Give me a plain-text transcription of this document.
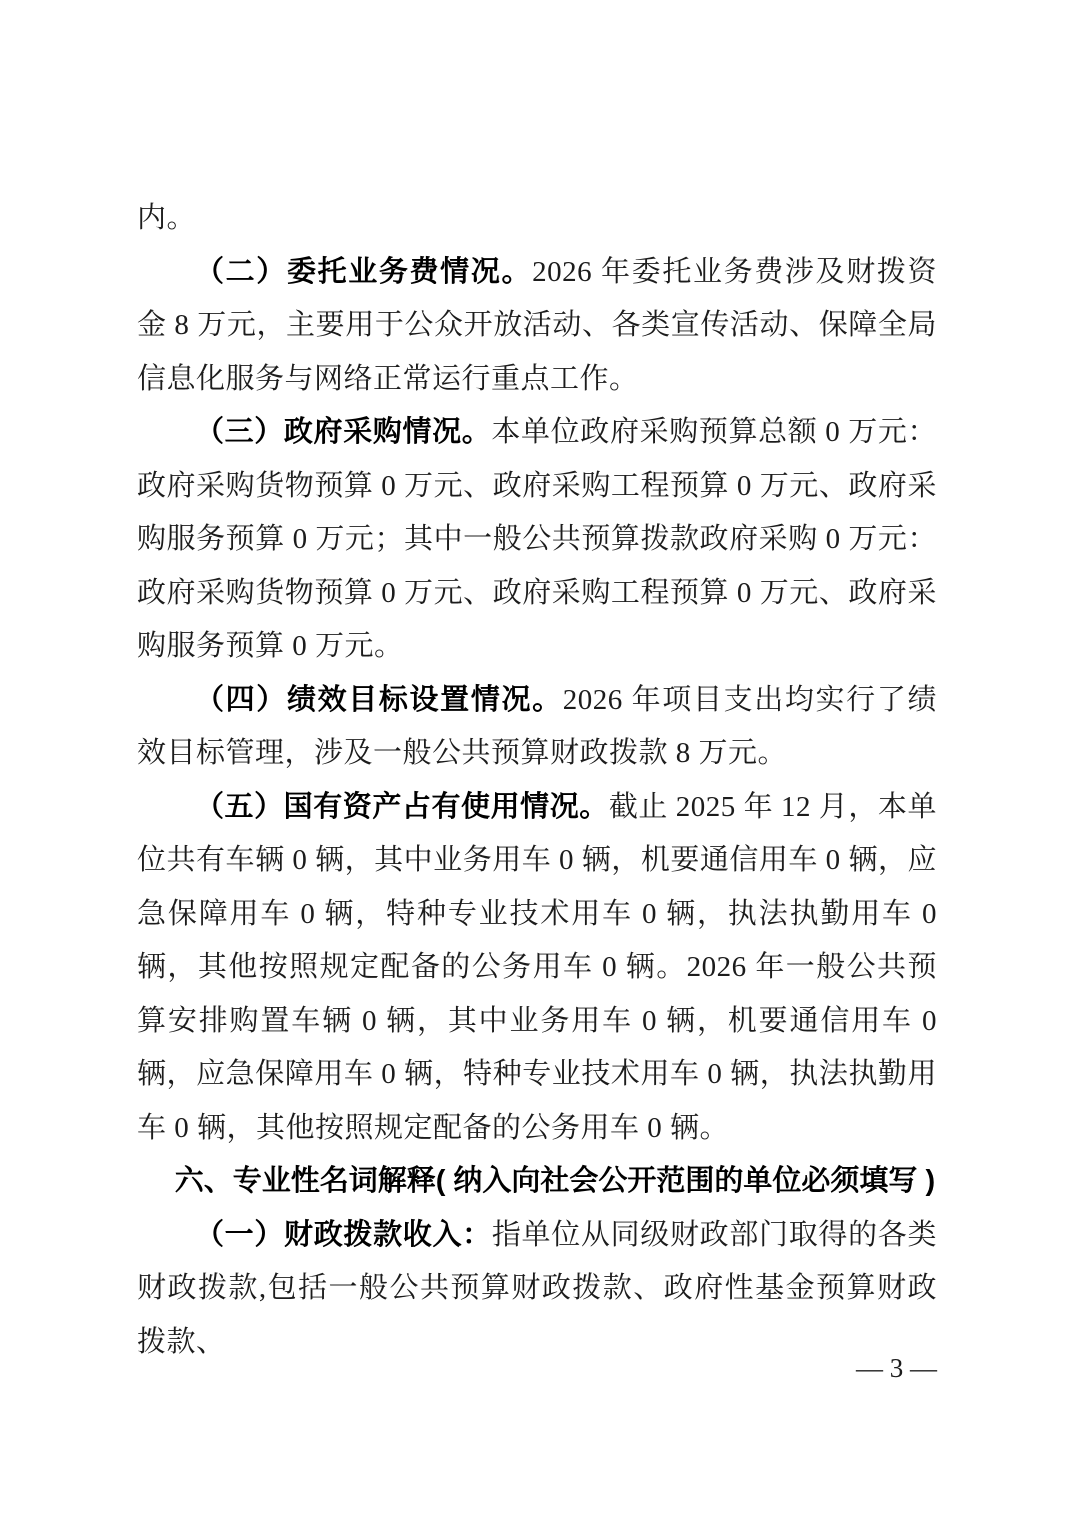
内。

（二）委托业务费情况。2026 年委托业务费涉及财拨资金 8 万元，主要用于公众开放活动、各类宣传活动、保障全局信息化服务与网络正常运行重点工作。

（三）政府采购情况。本单位政府采购预算总额 0 万元：政府采购货物预算 0 万元、政府采购工程预算 0 万元、政府采购服务预算 0 万元；其中一般公共预算拨款政府采购 0 万元：政府采购货物预算 0 万元、政府采购工程预算 0 万元、政府采购服务预算 0 万元。

（四）绩效目标设置情况。2026 年项目支出均实行了绩效目标管理，涉及一般公共预算财政拨款 8 万元。

（五）国有资产占有使用情况。截止 2025 年 12 月，本单位共有车辆 0 辆，其中业务用车 0 辆，机要通信用车 0 辆，应急保障用车 0 辆，特种专业技术用车 0 辆，执法执勤用车 0 辆，其他按照规定配备的公务用车 0 辆。2026 年一般公共预算安排购置车辆 0 辆，其中业务用车 0 辆，机要通信用车 0 辆，应急保障用车 0 辆，特种专业技术用车 0 辆，执法执勤用车 0 辆，其他按照规定配备的公务用车 0 辆。

六、专业性名词解释( 纳入向社会公开范围的单位必须填写 )

（一）财政拨款收入：指单位从同级财政部门取得的各类财政拨款,包括一般公共预算财政拨款、政府性基金预算财政拨款、

— 3 —
